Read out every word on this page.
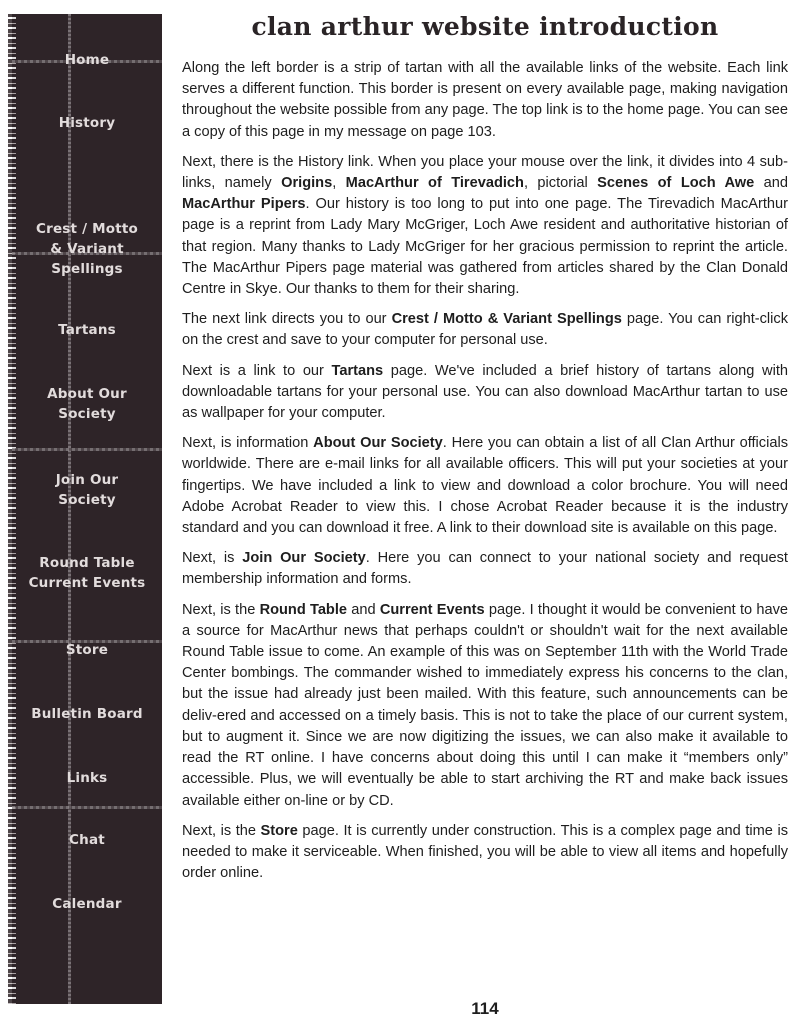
Home
History
Crest / Motto
& Variant
Spellings
Tartans
About Our
Society
Join Our
Society
Round Table
Current Events
Store
Bulletin Board
Links
Chat
Calendar
clan arthur website introduction

Along the left border is a strip of tartan with all the available links of the website. Each link serves a different function. This border is present on every available page, making navigation throughout the website possible from any page. The top link is to the home page. You can see a copy of this page in my message on page 103.

Next, there is the History link. When you place your mouse over the link, it divides into 4 sub-links, namely Origins, MacArthur of Tirevadich, pictorial Scenes of Loch Awe and MacArthur Pipers. Our history is too long to put into one page. The Tirevadich MacArthur page is a reprint from Lady Mary McGriger, Loch Awe resident and authoritative historian of that region. Many thanks to Lady McGriger for her gracious permission to reprint the article. The MacArthur Pipers page material was gathered from articles shared by the Clan Donald Centre in Skye. Our thanks to them for their sharing.

The next link directs you to our Crest / Motto & Variant Spellings page. You can right-click on the crest and save to your computer for personal use.

Next is a link to our Tartans page. We've included a brief history of tartans along with downloadable tartans for your personal use. You can also download MacArthur tartan to use as wallpaper for your computer.

Next, is information About Our Society. Here you can obtain a list of all Clan Arthur officials worldwide. There are e-mail links for all available officers. This will put your societies at your fingertips. We have included a link to view and download a color brochure. You will need Adobe Acrobat Reader to view this. I chose Acrobat Reader because it is the industry standard and you can download it free. A link to their download site is available on this page.

Next, is Join Our Society. Here you can connect to your national society and request membership information and forms.

Next, is the Round Table and Current Events page. I thought it would be convenient to have a source for MacArthur news that perhaps couldn't or shouldn't wait for the next available Round Table issue to come. An example of this was on September 11th with the World Trade Center bombings. The commander wished to immediately express his concerns to the clan, but the issue had already just been mailed. With this feature, such announcements can be deliv-ered and accessed on a timely basis. This is not to take the place of our current system, but to augment it. Since we are now digitizing the issues, we can also make it available to read the RT online. I have concerns about doing this until I can make it “members only” accessible. Plus, we will eventually be able to start archiving the RT and make back issues available either on-line or by CD.

Next, is the Store page. It is currently under construction. This is a complex page and time is needed to make it serviceable. When finished, you will be able to view all items and hopefully order online.

114
